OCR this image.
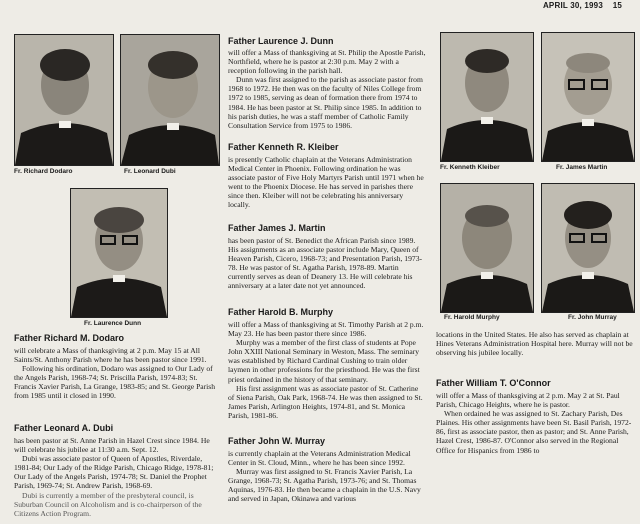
APRIL 30, 1993 15
Fr. Richard Dodaro	Fr. Leonard Dubi
Fr. Laurence Dunn
Father Richard M. Dodaro

will celebrate a Mass of thanksgiving at 2 p.m. May 15 at All Saints/St. Anthony Parish where he has been pastor since 1991.

Following his ordination, Dodaro was assigned to Our Lady of the Angels Parish, 1968-74; St. Priscilla Parish, 1974-83; St. Francis Xavier Parish, La Grange, 1983-85; and St. George Parish from 1985 until it closed in 1990.

Father Leonard A. Dubi

has been pastor at St. Anne Parish in Hazel Crest since 1984. He will celebrate his jubilee at 11:30 a.m. Sept. 12.

Dubi was associate pastor of Queen of Apostles, Riverdale, 1981-84; Our Lady of the Ridge Parish, Chicago Ridge, 1978-81; Our Lady of the Angels Parish, 1974-78; St. Daniel the Prophet Parish, 1969-74; St. Andrew Parish, 1968-69.

Dubi is currently a member of the presbyteral council, is Suburban Council on Alcoholism and is co-chairperson of the Citizens Action Program.

Father Laurence J. Dunn

will offer a Mass of thanksgiving at St. Philip the Apostle Parish, Northfield, where he is pastor at 2:30 p.m. May 2 with a reception following in the parish hall.

Dunn was first assigned to the parish as associate pastor from 1968 to 1972. He then was on the faculty of Niles College from 1972 to 1985, serving as dean of formation there from 1974 to 1984. He has been pastor at St. Philip since 1985. In addition to his parish duties, he was a staff member of Catholic Family Consultation Service from 1975 to 1986.

Father Kenneth R. Kleiber

is presently Catholic chaplain at the Veterans Administration Medical Center in Phoenix. Following ordination he was associate pastor of Five Holy Martyrs Parish until 1971 when he went to the Phoenix Diocese. He has served in parishes there since then. Kleiber will not be celebrating his anniversary locally.

Father James J. Martin

has been pastor of St. Benedict the African Parish since 1989. His assignments as an associate pastor include Mary, Queen of Heaven Parish, Cicero, 1968-73; and Presentation Parish, 1973-78. He was pastor of St. Agatha Parish, 1978-89. Martin currently serves as dean of Deanery 13. He will celebrate his anniversary at a later date not yet announced.

Father Harold B. Murphy

will offer a Mass of thanksgiving at St. Timothy Parish at 2 p.m. May 23. He has been pastor there since 1986.

Murphy was a member of the first class of students at Pope John XXIII National Seminary in Weston, Mass. The seminary was established by Richard Cardinal Cushing to train older laymen in other professions for the priesthood. He was the first priest ordained in the history of that seminary.

His first assignment was as associate pastor of St. Catherine of Siena Parish, Oak Park, 1968-74. He was then assigned to St. James Parish, Arlington Heights, 1974-81, and St. Monica Parish, 1981-86.

Father John W. Murray

is currently chaplain at the Veterans Administration Medical Center in St. Cloud, Minn., where he has been since 1992.

Murray was first assigned to St. Francis Xavier Parish, La Grange, 1968-73; St. Agatha Parish, 1973-76; and St. Thomas Aquinas, 1976-83. He then became a chaplain in the U.S. Navy and served in Japan, Okinawa and various

Fr. Kenneth Kleiber	Fr. James Martin
Fr. Harold Murphy	Fr. John Murray

locations in the United States. He also has served as chaplain at Hines Veterans Administration Hospital here. Murray will not be observing his jubilee locally.

Father William T. O'Connor

will offer a Mass of thanksgiving at 2 p.m. May 2 at St. Paul Parish, Chicago Heights, where he is pastor.

When ordained he was assigned to St. Zachary Parish, Des Plaines. His other assignments have been St. Basil Parish, 1972-86, first as associate pastor, then as pastor; and St. Anne Parish, Hazel Crest, 1986-87. O'Connor also served in the Regional Office for Hispanics from 1986 to
